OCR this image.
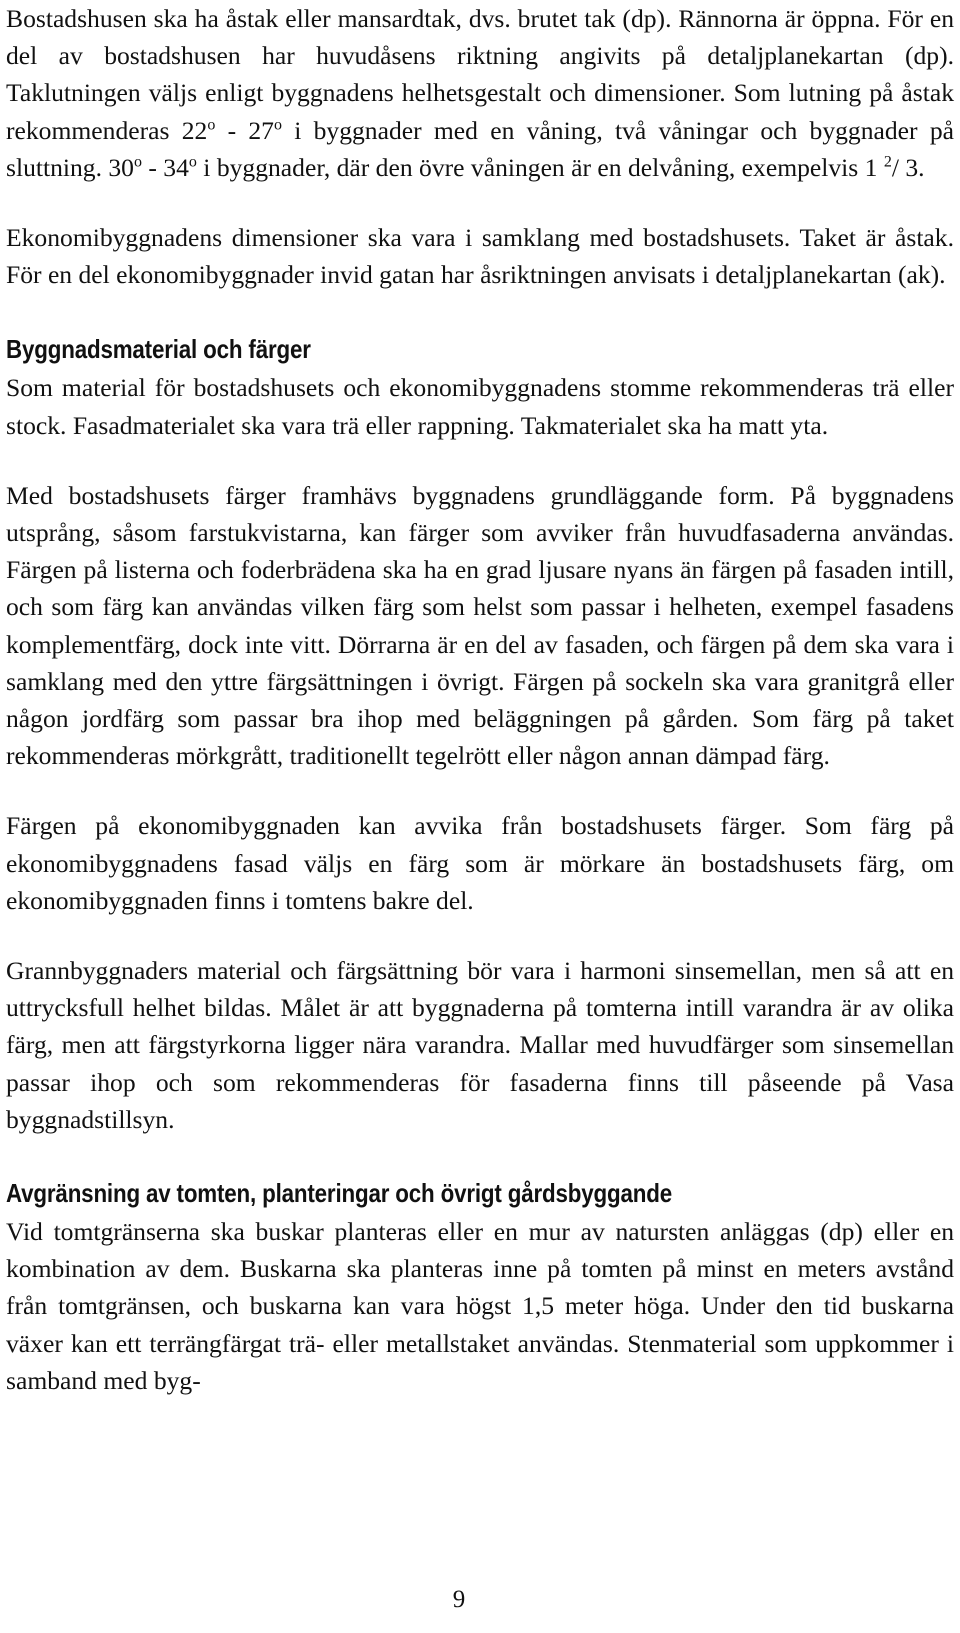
Bostadshusen ska ha åstak eller mansardtak, dvs. brutet tak (dp). Rännorna är öppna. För en del av bostadshusen har huvudåsens riktning angivits på detaljplanekartan (dp). Taklutningen väljs enligt byggnadens helhetsgestalt och dimensioner. Som lutning på åstak rekommenderas 22$^o$ - 27$^o$ i byggnader med en våning, två våningar och byggnader på sluttning. 30$^o$ - 34$^o$ i byggnader, där den övre våningen är en delvåning, exempelvis 1 $^2$/ 3.

Ekonomibyggnadens dimensioner ska vara i samklang med bostadshusets. Taket är åstak. För en del ekonomibyggnader invid gatan har åsriktningen anvisats i detaljplanekartan (ak).

Byggnadsmaterial och färger

Som material för bostadshusets och ekonomibyggnadens stomme rekommenderas trä eller stock. Fasadmaterialet ska vara trä eller rappning. Takmaterialet ska ha matt yta.

Med bostadshusets färger framhävs byggnadens grundläggande form. På byggnadens utsprång, såsom farstukvistarna, kan färger som avviker från huvudfasaderna användas. Färgen på listerna och foderbrädena ska ha en grad ljusare nyans än färgen på fasaden intill, och som färg kan användas vilken färg som helst som passar i helheten, exempel fasadens komplementfärg, dock inte vitt. Dörrarna är en del av fasaden, och färgen på dem ska vara i samklang med den yttre färgsättningen i övrigt. Färgen på sockeln ska vara granitgrå eller någon jordfärg som passar bra ihop med beläggningen på gården. Som färg på taket rekommenderas mörkgrått, traditionellt tegelrött eller någon annan dämpad färg.

Färgen på ekonomibyggnaden kan avvika från bostadshusets färger. Som färg på ekonomibyggnadens fasad väljs en färg som är mörkare än bostadshusets färg, om ekonomibyggnaden finns i tomtens bakre del.

Grannbyggnaders material och färgsättning bör vara i harmoni sinsemellan, men så att en uttrycksfull helhet bildas. Målet är att byggnaderna på tomterna intill varandra är av olika färg, men att färgstyrkorna ligger nära varandra. Mallar med huvudfärger som sinsemellan passar ihop och som rekommenderas för fasaderna finns till påseende på Vasa byggnadstillsyn.

Avgränsning av tomten, planteringar och övrigt gårdsbyggande

Vid tomtgränserna ska buskar planteras eller en mur av natursten anläggas (dp) eller en kombination av dem. Buskarna ska planteras inne på tomten på minst en meters avstånd från tomtgränsen, och buskarna kan vara högst 1,5 meter höga. Under den tid buskarna växer kan ett terrängfärgat trä- eller metallstaket användas. Stenmaterial som uppkommer i samband med byg-

9
